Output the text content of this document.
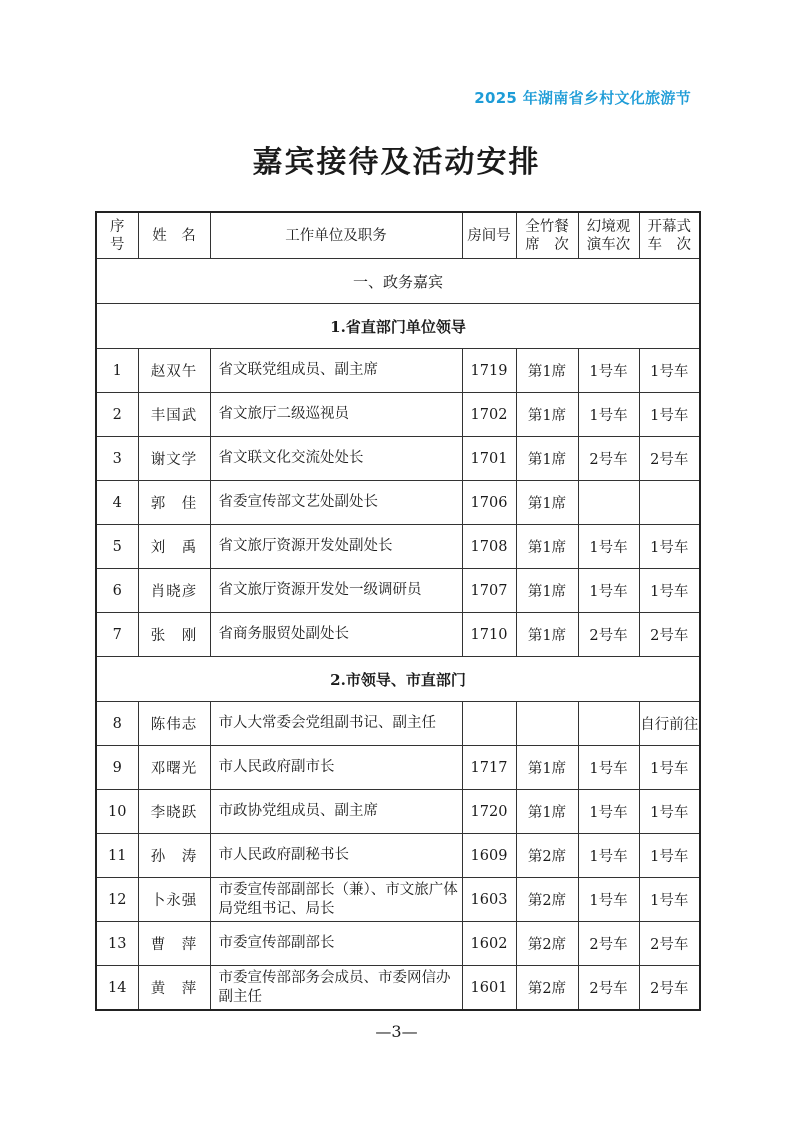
2025 年湖南省乡村文化旅游节
嘉宾接待及活动安排
序号	姓　名	工作单位及职务	房间号	全竹餐席　次	幻境观演车次	开幕式车　次
一、政务嘉宾						
1.省直部门单位领导						
1	赵双午	省文联党组成员、副主席	1719	第1席	1号车	1号车
2	丰国武	省文旅厅二级巡视员	1702	第1席	1号车	1号车
3	谢文学	省文联文化交流处处长	1701	第1席	2号车	2号车
4	郭　佳	省委宣传部文艺处副处长	1706	第1席		
5	刘　禹	省文旅厅资源开发处副处长	1708	第1席	1号车	1号车
6	肖晓彦	省文旅厅资源开发处一级调研员	1707	第1席	1号车	1号车
7	张　刚	省商务服贸处副处长	1710	第1席	2号车	2号车
2.市领导、市直部门						
8	陈伟志	市人大常委会党组副书记、副主任				自行前往
9	邓曙光	市人民政府副市长	1717	第1席	1号车	1号车
10	李晓跃	市政协党组成员、副主席	1720	第1席	1号车	1号车
11	孙　涛	市人民政府副秘书长	1609	第2席	1号车	1号车
12	卜永强	市委宣传部副部长（兼）、市文旅广体局党组书记、局长	1603	第2席	1号车	1号车
13	曹　萍	市委宣传部副部长	1602	第2席	2号车	2号车
14	黄　萍	市委宣传部部务会成员、市委网信办副主任	1601	第2席	2号车	2号车
—3—
